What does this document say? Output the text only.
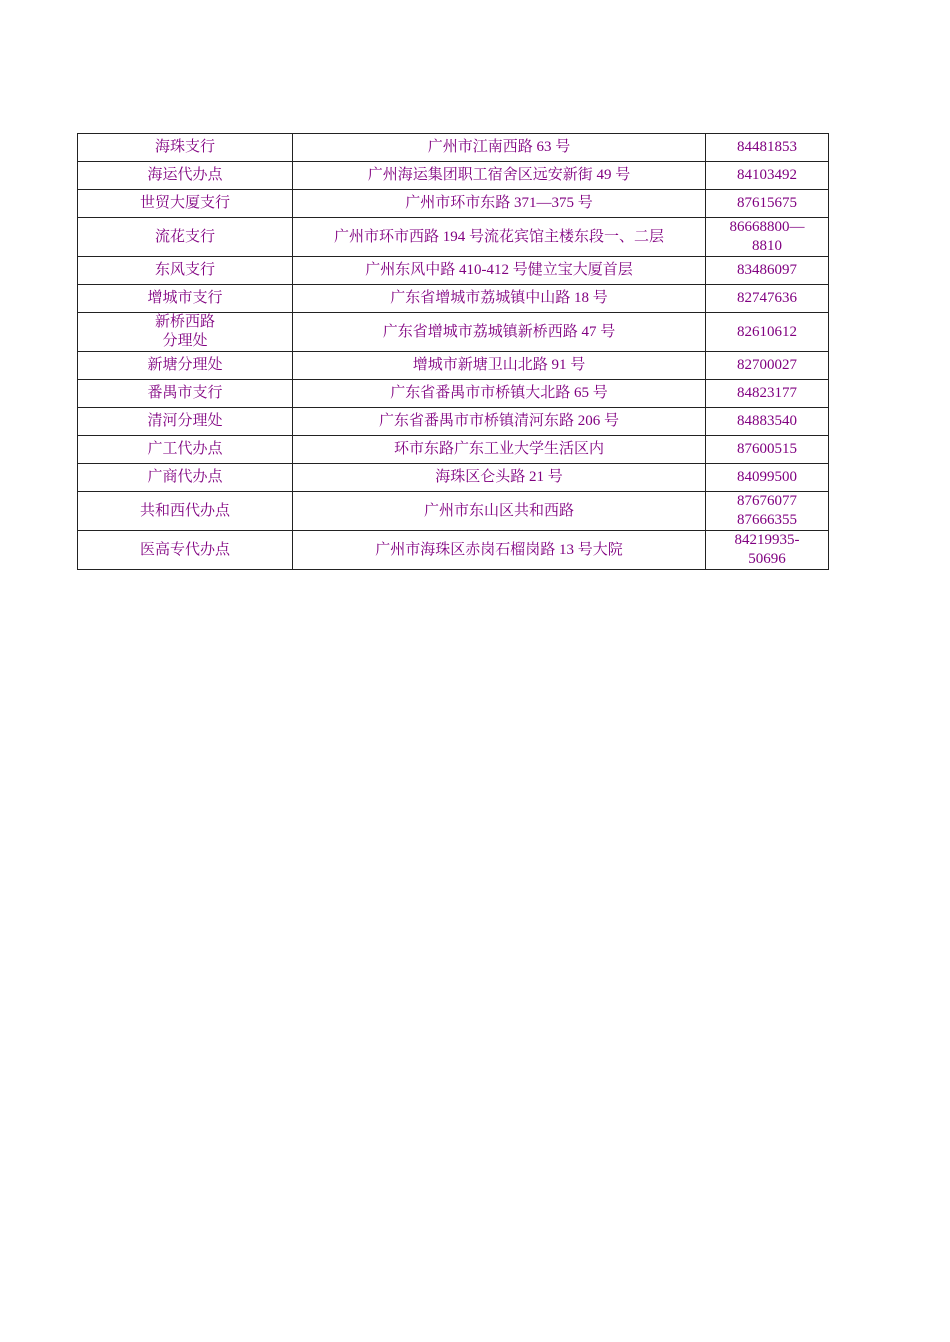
海珠支行	广州市江南西路 63 号	84481853

海运代办点	广州海运集团职工宿舍区远安新街 49 号	84103492

世贸大厦支行	广州市环市东路 371—375 号	87615675

流花支行	广州市环市西路 194 号流花宾馆主楼东段一、二层	86668800—
8810

东风支行	广州东风中路 410-412 号健立宝大厦首层	83486097

增城市支行	广东省增城市荔城镇中山路 18 号	82747636

新桥西路
分理处	广东省增城市荔城镇新桥西路 47 号	82610612

新塘分理处	增城市新塘卫山北路 91 号	82700027

番禺市支行	广东省番禺市市桥镇大北路 65 号	84823177

清河分理处	广东省番禺市市桥镇清河东路 206 号	84883540

广工代办点	环市东路广东工业大学生活区内	87600515

广商代办点	海珠区仑头路 21 号	84099500

共和西代办点	广州市东山区共和西路	87676077
87666355

医高专代办点	广州市海珠区赤岗石榴岗路 13 号大院	84219935-
50696
